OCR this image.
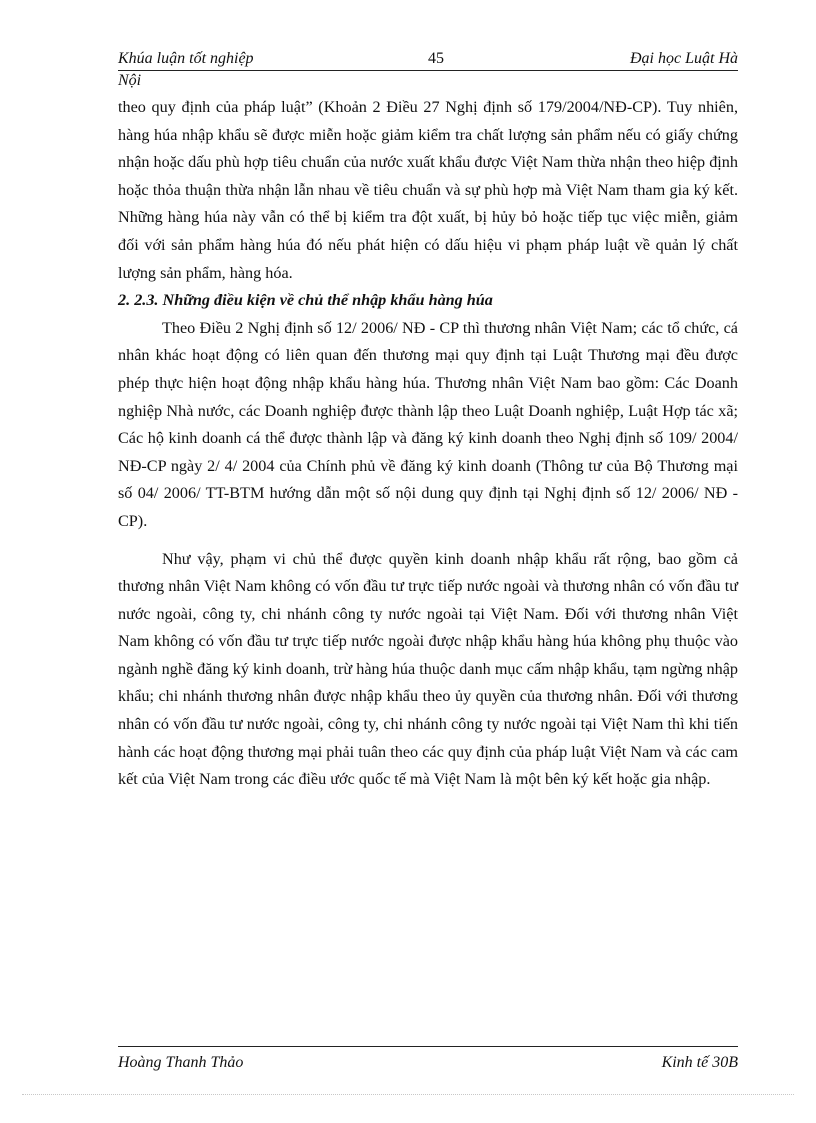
Khúa luận tốt nghiệp	45	Đại học Luật Hà
Nội

theo quy định của pháp luật” (Khoản 2 Điều 27 Nghị định số 179/2004/NĐ-CP). Tuy nhiên, hàng húa nhập khẩu sẽ được miễn hoặc giảm kiểm tra chất lượng sản phẩm nếu có giấy chứng nhận hoặc dấu phù hợp tiêu chuẩn của nước xuất khẩu được Việt Nam thừa nhận theo hiệp định hoặc thỏa thuận thừa nhận lẫn nhau về tiêu chuẩn và sự phù hợp mà Việt Nam tham gia ký kết. Những hàng húa này vẫn có thể bị kiểm tra đột xuất, bị hủy bỏ hoặc tiếp tục việc miễn, giảm đối với sản phẩm hàng húa đó nếu phát hiện có dấu hiệu vi phạm pháp luật về quản lý chất lượng sản phẩm, hàng hóa.

2. 2.3. Những điều kiện về chủ thể nhập khẩu hàng húa

Theo Điều 2 Nghị định số 12/ 2006/ NĐ - CP thì thương nhân Việt Nam; các tổ chức, cá nhân khác hoạt động có liên quan đến thương mại quy định tại Luật Thương mại đều được phép thực hiện hoạt động nhập khẩu hàng húa. Thương nhân Việt Nam bao gồm: Các Doanh nghiệp Nhà nước, các Doanh nghiệp được thành lập theo Luật Doanh nghiệp, Luật Hợp tác xã; Các hộ kinh doanh cá thể được thành lập và đăng ký kinh doanh theo Nghị định số 109/ 2004/ NĐ-CP ngày 2/ 4/ 2004 của Chính phủ về đăng ký kinh doanh (Thông tư của Bộ Thương mại số 04/ 2006/ TT-BTM hướng dẫn một số nội dung quy định tại Nghị định số 12/ 2006/ NĐ - CP).

Như vậy, phạm vi chủ thể được quyền kinh doanh nhập khẩu rất rộng, bao gồm cả thương nhân Việt Nam không có vốn đầu tư trực tiếp nước ngoài và thương nhân có vốn đầu tư nước ngoài, công ty, chi nhánh công ty nước ngoài tại Việt Nam. Đối với thương nhân Việt Nam không có vốn đầu tư trực tiếp nước ngoài được nhập khẩu hàng húa không phụ thuộc vào ngành nghề đăng ký kinh doanh, trừ hàng húa thuộc danh mục cấm nhập khẩu, tạm ngừng nhập khẩu; chi nhánh thương nhân được nhập khẩu theo ủy quyền của thương nhân. Đối với thương nhân có vốn đầu tư nước ngoài, công ty, chi nhánh công ty nước ngoài tại Việt Nam thì khi tiến hành các hoạt động thương mại phải tuân theo các quy định của pháp luật Việt Nam và các cam kết của Việt Nam trong các điều ước quốc tế mà Việt Nam là một bên ký kết hoặc gia nhập.

Hoàng Thanh Thảo	Kinh tế 30B
